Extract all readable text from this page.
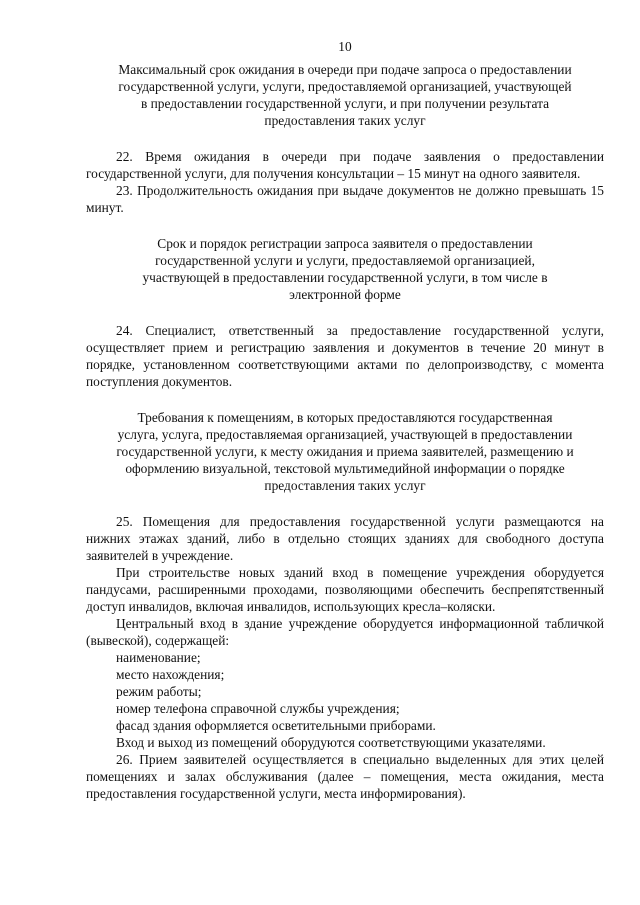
10
Максимальный срок ожидания в очереди при подаче запроса о предоставлении
государственной услуги, услуги, предоставляемой организацией, участвующей
в предоставлении государственной услуги, и при получении результата
предоставления таких услуг

22. Время ожидания в очереди при подаче заявления о предоставлении государственной услуги, для получения консультации – 15 минут на одного заявителя.

23. Продолжительность ожидания при выдаче документов не должно превышать 15 минут.

Срок и порядок регистрации запроса заявителя о предоставлении
государственной услуги и услуги, предоставляемой организацией,
участвующей в предоставлении государственной услуги, в том числе в
электронной форме

24. Специалист, ответственный за предоставление государственной услуги, осуществляет прием и регистрацию заявления и документов в течение 20 минут в порядке, установленном соответствующими актами по делопроизводству, с момента поступления документов.

Требования к помещениям, в которых предоставляются государственная
услуга, услуга, предоставляемая организацией, участвующей в предоставлении
государственной услуги, к месту ожидания и приема заявителей, размещению и
оформлению визуальной, текстовой мультимедийной информации о порядке
предоставления таких услуг

25. Помещения для предоставления государственной услуги размещаются на нижних этажах зданий, либо в отдельно стоящих зданиях для свободного доступа заявителей в учреждение.

При строительстве новых зданий вход в помещение учреждения оборудуется пандусами, расширенными проходами, позволяющими обеспечить беспрепятственный доступ инвалидов, включая инвалидов, использующих кресла–коляски.

Центральный вход в здание учреждение оборудуется информационной табличкой (вывеской), содержащей:

наименование;
место нахождения;
режим работы;
номер телефона справочной службы учреждения;
фасад здания оформляется осветительными приборами.

Вход и выход из помещений оборудуются соответствующими указателями.

26. Прием заявителей осуществляется в специально выделенных для этих целей помещениях и залах обслуживания (далее – помещения, места ожидания, места предоставления государственной услуги, места информирования).
